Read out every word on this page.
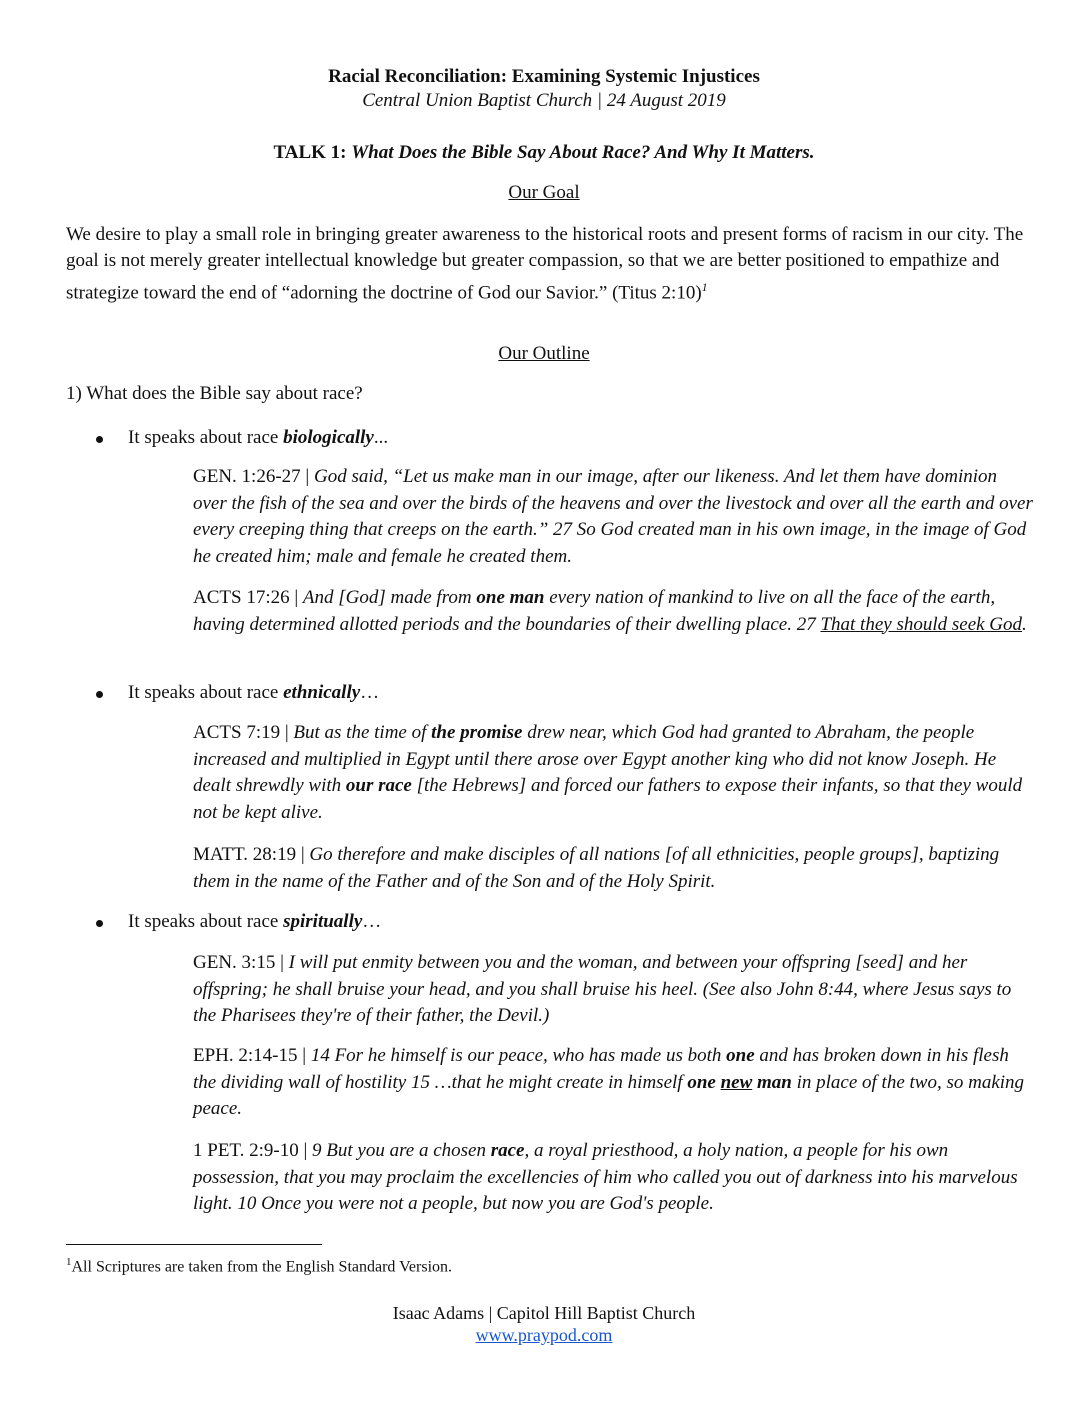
Racial Reconciliation: Examining Systemic Injustices
Central Union Baptist Church | 24 August 2019
TALK 1: What Does the Bible Say About Race? And Why It Matters.
Our Goal
We desire to play a small role in bringing greater awareness to the historical roots and present forms of racism in our city. The goal is not merely greater intellectual knowledge but greater compassion, so that we are better positioned to empathize and strategize toward the end of “adorning the doctrine of God our Savior.” (Titus 2:10)$^1$
Our Outline
1) What does the Bible say about race?
It speaks about race biologically...
GEN. 1:26-27 | God said, “Let us make man in our image, after our likeness. And let them have dominion over the fish of the sea and over the birds of the heavens and over the livestock and over all the earth and over every creeping thing that creeps on the earth.” 27 So God created man in his own image, in the image of God he created him; male and female he created them.
ACTS 17:26 | And [God] made from one man every nation of mankind to live on all the face of the earth, having determined allotted periods and the boundaries of their dwelling place. 27 That they should seek God.
It speaks about race ethnically…
ACTS 7:19 | But as the time of the promise drew near, which God had granted to Abraham, the people increased and multiplied in Egypt until there arose over Egypt another king who did not know Joseph. He dealt shrewdly with our race [the Hebrews] and forced our fathers to expose their infants, so that they would not be kept alive.
MATT. 28:19 | Go therefore and make disciples of all nations [of all ethnicities, people groups], baptizing them in the name of the Father and of the Son and of the Holy Spirit.
It speaks about race spiritually…
GEN. 3:15 | I will put enmity between you and the woman, and between your offspring [seed] and her offspring; he shall bruise your head, and you shall bruise his heel. (See also John 8:44, where Jesus says to the Pharisees they're of their father, the Devil.)
EPH. 2:14-15 | 14 For he himself is our peace, who has made us both one and has broken down in his flesh the dividing wall of hostility 15 …that he might create in himself one new man in place of the two, so making peace.
1 PET. 2:9-10 | 9 But you are a chosen race, a royal priesthood, a holy nation, a people for his own possession, that you may proclaim the excellencies of him who called you out of darkness into his marvelous light. 10 Once you were not a people, but now you are God's people.
$^1$All Scriptures are taken from the English Standard Version.
Isaac Adams | Capitol Hill Baptist Church
www.praypod.com
